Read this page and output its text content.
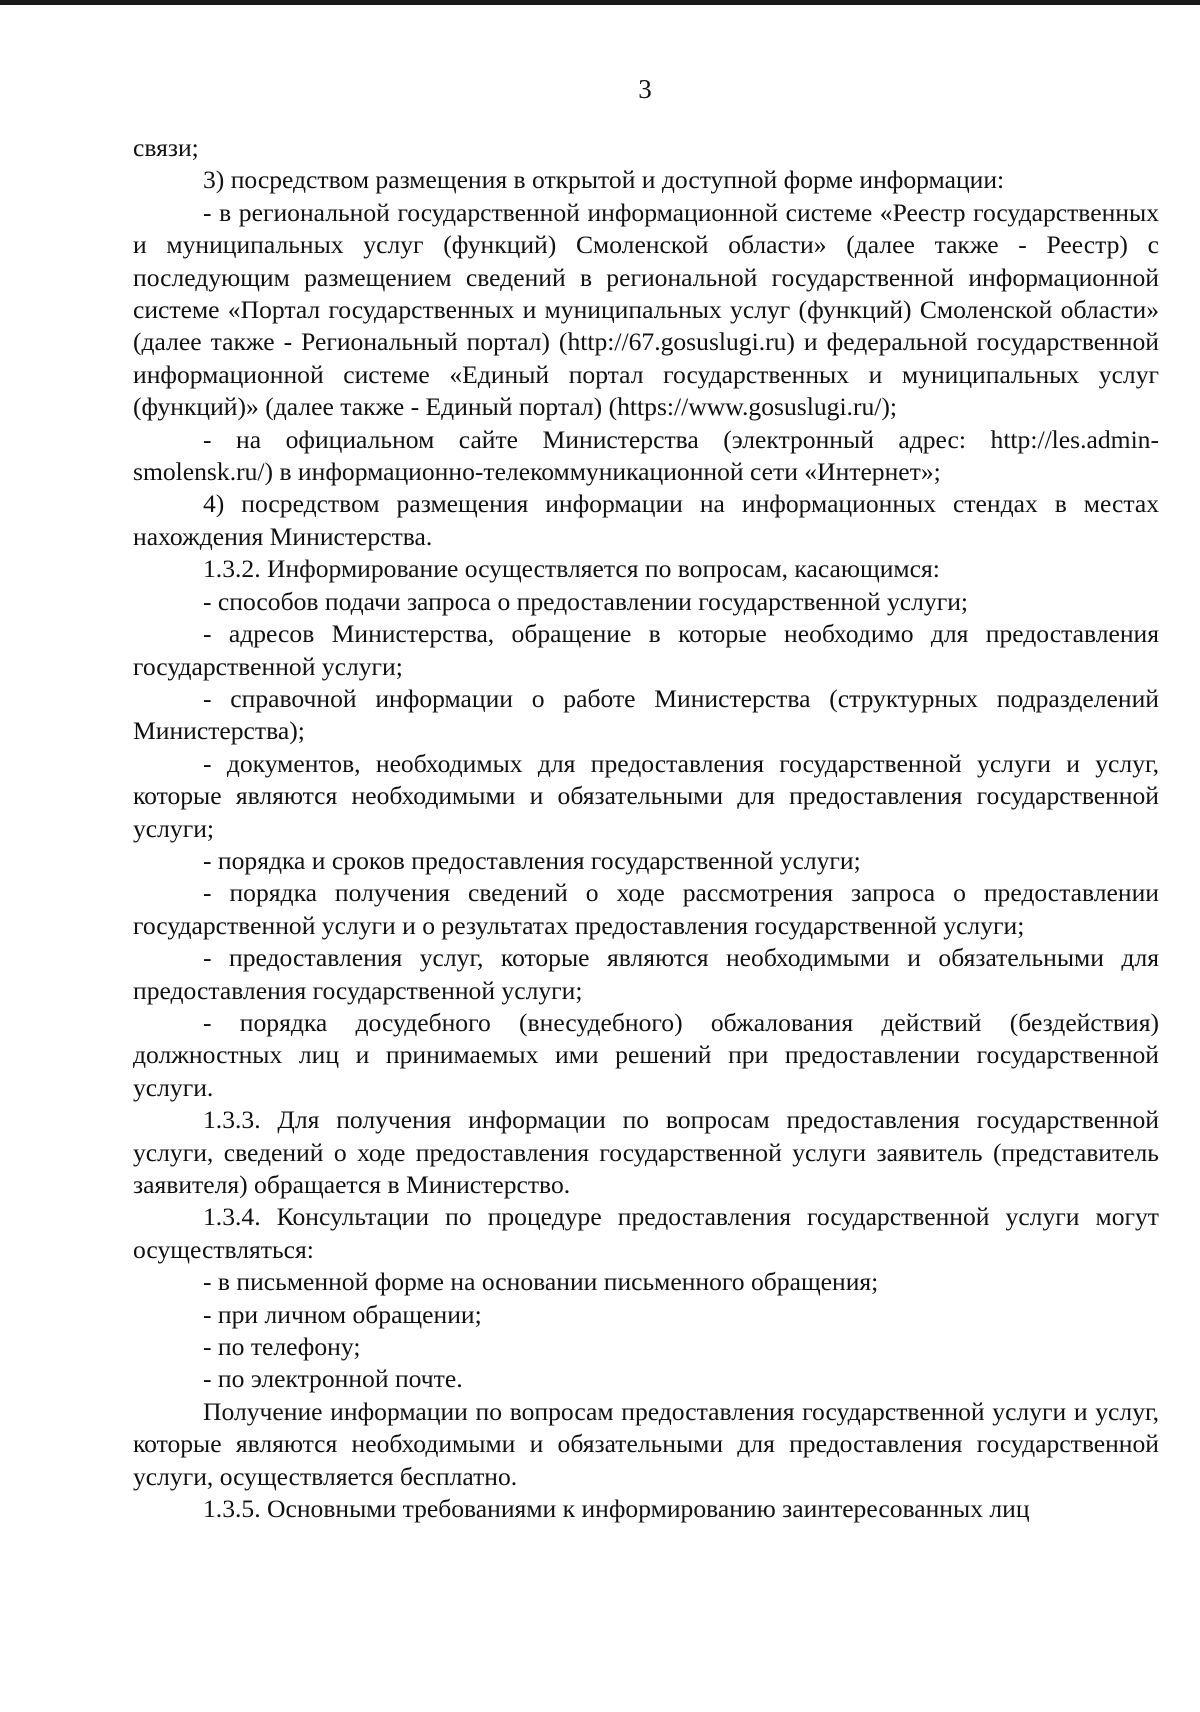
3

связи;

3) посредством размещения в открытой и доступной форме информации:

- в региональной государственной информационной системе «Реестр государственных и муниципальных услуг (функций) Смоленской области» (далее также - Реестр) с последующим размещением сведений в региональной государственной информационной системе «Портал государственных и муниципальных услуг (функций) Смоленской области» (далее также - Региональный портал) (http://67.gosuslugi.ru) и федеральной государственной информационной системе «Единый портал государственных и муниципальных услуг (функций)» (далее также - Единый портал) (https://www.gosuslugi.ru/);

- на официальном сайте Министерства (электронный адрес: http://les.admin-smolensk.ru/) в информационно-телекоммуникационной сети «Интернет»;

4) посредством размещения информации на информационных стендах в местах нахождения Министерства.

1.3.2. Информирование осуществляется по вопросам, касающимся:

- способов подачи запроса о предоставлении государственной услуги;

- адресов Министерства, обращение в которые необходимо для предоставления государственной услуги;

- справочной информации о работе Министерства (структурных подразделений Министерства);

- документов, необходимых для предоставления государственной услуги и услуг, которые являются необходимыми и обязательными для предоставления государственной услуги;

- порядка и сроков предоставления государственной услуги;

- порядка получения сведений о ходе рассмотрения запроса о предоставлении государственной услуги и о результатах предоставления государственной услуги;

- предоставления услуг, которые являются необходимыми и обязательными для предоставления государственной услуги;

- порядка досудебного (внесудебного) обжалования действий (бездействия) должностных лиц и принимаемых ими решений при предоставлении государственной услуги.

1.3.3. Для получения информации по вопросам предоставления государственной услуги, сведений о ходе предоставления государственной услуги заявитель (представитель заявителя) обращается в Министерство.

1.3.4. Консультации по процедуре предоставления государственной услуги могут осуществляться:

- в письменной форме на основании письменного обращения;

- при личном обращении;

- по телефону;

- по электронной почте.

Получение информации по вопросам предоставления государственной услуги и услуг, которые являются необходимыми и обязательными для предоставления государственной услуги, осуществляется бесплатно.

1.3.5. Основными требованиями к информированию заинтересованных лиц
